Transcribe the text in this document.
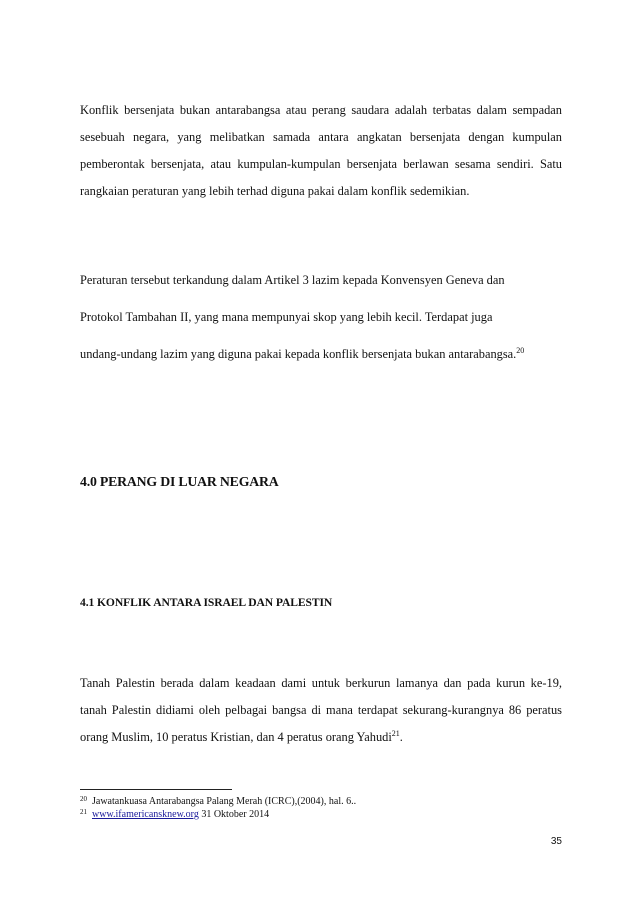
Konflik bersenjata bukan antarabangsa atau perang saudara adalah terbatas dalam sempadan
sesebuah negara, yang melibatkan samada antara angkatan bersenjata dengan kumpulan
pemberontak bersenjata, atau kumpulan-kumpulan bersenjata berlawan sesama sendiri. Satu
rangkaian peraturan yang lebih terhad diguna pakai dalam konflik sedemikian.
Peraturan tersebut terkandung dalam Artikel 3 lazim kepada Konvensyen Geneva dan
Protokol Tambahan II, yang mana mempunyai skop yang lebih kecil. Terdapat juga
undang-undang lazim yang diguna pakai kepada konflik bersenjata bukan antarabangsa.$^{20}$
4.0 PERANG DI LUAR NEGARA
4.1 KONFLIK ANTARA ISRAEL DAN PALESTIN
Tanah Palestin berada dalam keadaan dami untuk berkurun lamanya dan pada kurun ke-19,
tanah Palestin didiami oleh pelbagai bangsa di mana terdapat sekurang-kurangnya 86 peratus
orang Muslim, 10 peratus Kristian, dan 4 peratus orang Yahudi$^{21}$.

$^{20}$ Jawatankuasa Antarabangsa Palang Merah (ICRC),(2004), hal. 6..

$^{21}$ www.ifamericansknew.org 31 Oktober 2014

35
